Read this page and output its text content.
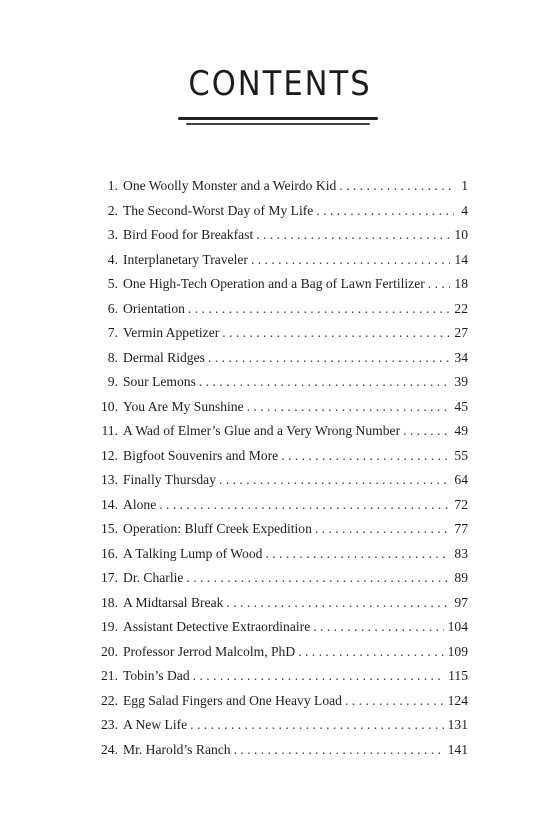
CONTENTS
1. One Woolly Monster and a Weirdo Kid . . .	1
2. The Second-Worst Day of My Life . . .	4
3. Bird Food for Breakfast . . .	10
4. Interplanetary Traveler . . .	14
5. One High-Tech Operation and a Bag of Lawn Fertilizer . . . 18
6. Orientation . . .	22
7. Vermin Appetizer . . .	27
8. Dermal Ridges . . .	34
9. Sour Lemons . . .	39
10. You Are My Sunshine . . .	45
11. A Wad of Elmer’s Glue and a Very Wrong Number . . .	49
12. Bigfoot Souvenirs and More . . .	55
13. Finally Thursday . . .	64
14. Alone . . .	72
15. Operation: Bluff Creek Expedition . . .	77
16. A Talking Lump of Wood . . .	83
17. Dr. Charlie . . .	89
18. A Midtarsal Break . . .	97
19. Assistant Detective Extraordinaire . . .	104
20. Professor Jerrod Malcolm, PhD . . .	109
21. Tobin’s Dad . . .	115
22. Egg Salad Fingers and One Heavy Load . . .	124
23. A New Life . . .	131
24. Mr. Harold’s Ranch . . .	141
